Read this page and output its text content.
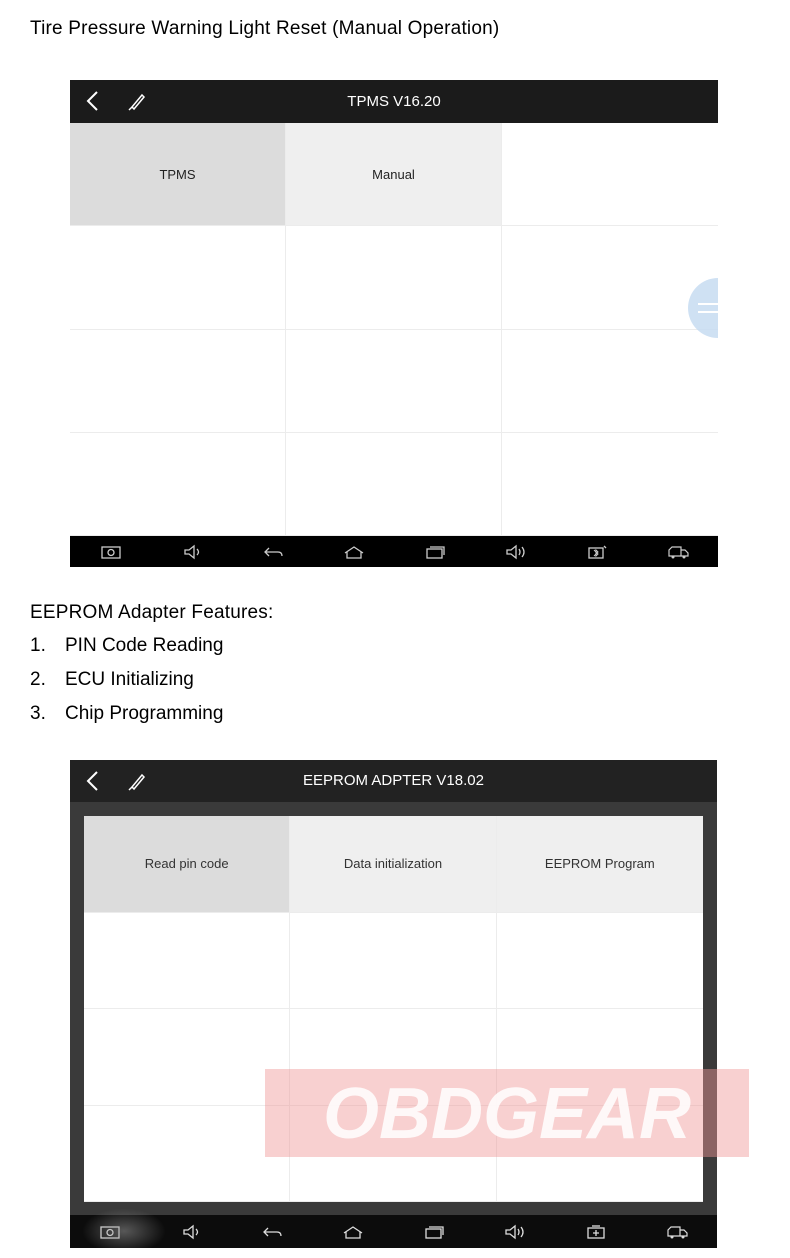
Tire Pressure Warning Light Reset (Manual Operation)
TPMS V16.20
TPMS	Manual
EEPROM Adapter Features:
1.	PIN Code Reading
2.	ECU Initializing
3.	Chip Programming
EEPROM ADPTER V18.02
Read pin code	Data initialization	EEPROM Program
OBDGEAR
